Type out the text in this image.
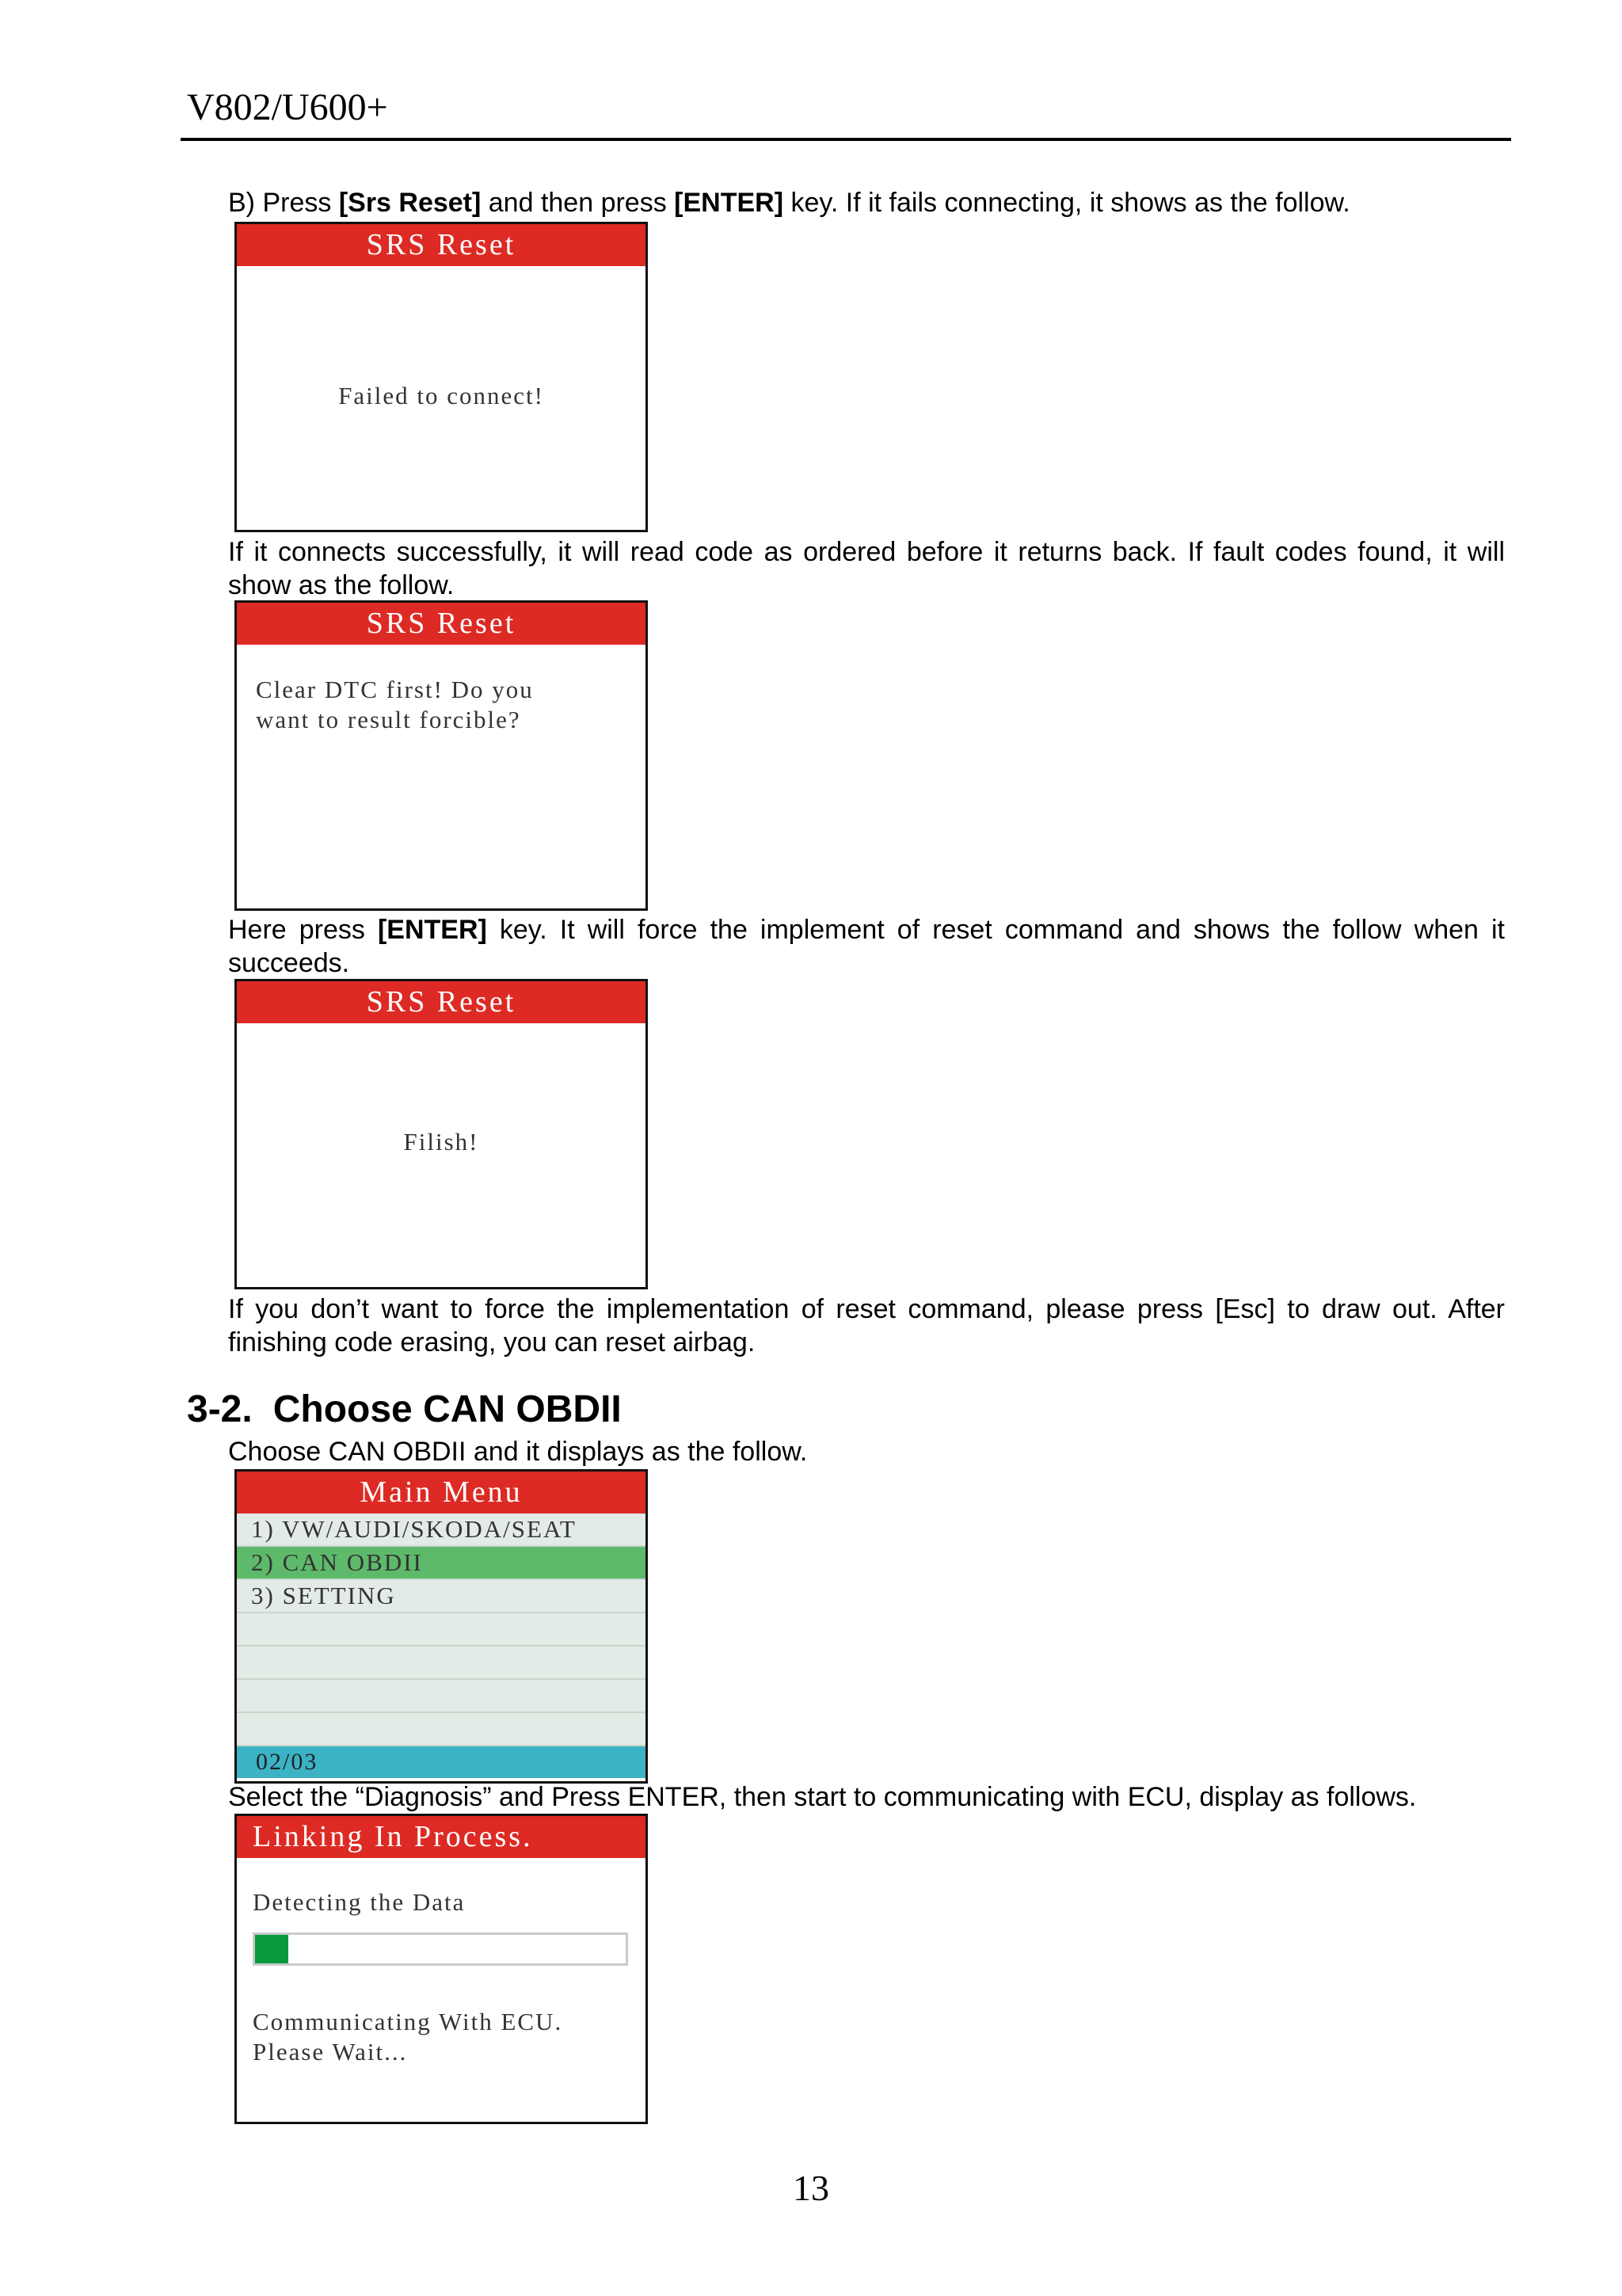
V802/U600+
B) Press [Srs Reset] and then press [ENTER] key. If it fails connecting, it shows as the follow.
SRS Reset
Failed to connect!
If it connects successfully, it will read code as ordered before it returns back. If fault codes found, it will show as the follow.
SRS Reset
Clear DTC first! Do you
want to result forcible?
Here press [ENTER] key. It will force the implement of reset command and shows the follow when it succeeds.
SRS Reset
Filish!
If you don’t want to force the implementation of reset command, please press [Esc] to draw out. After finishing code erasing, you can reset airbag.
3-2. Choose CAN OBDII
Choose CAN OBDII and it displays as the follow.
Main Menu
1) VW/AUDI/SKODA/SEAT
2) CAN OBDII
3) SETTING
02/03
Select the “Diagnosis” and Press ENTER, then start to communicating with ECU, display as follows.
Linking In Process.
Detecting the Data
Communicating With ECU.
Please Wait...
13
